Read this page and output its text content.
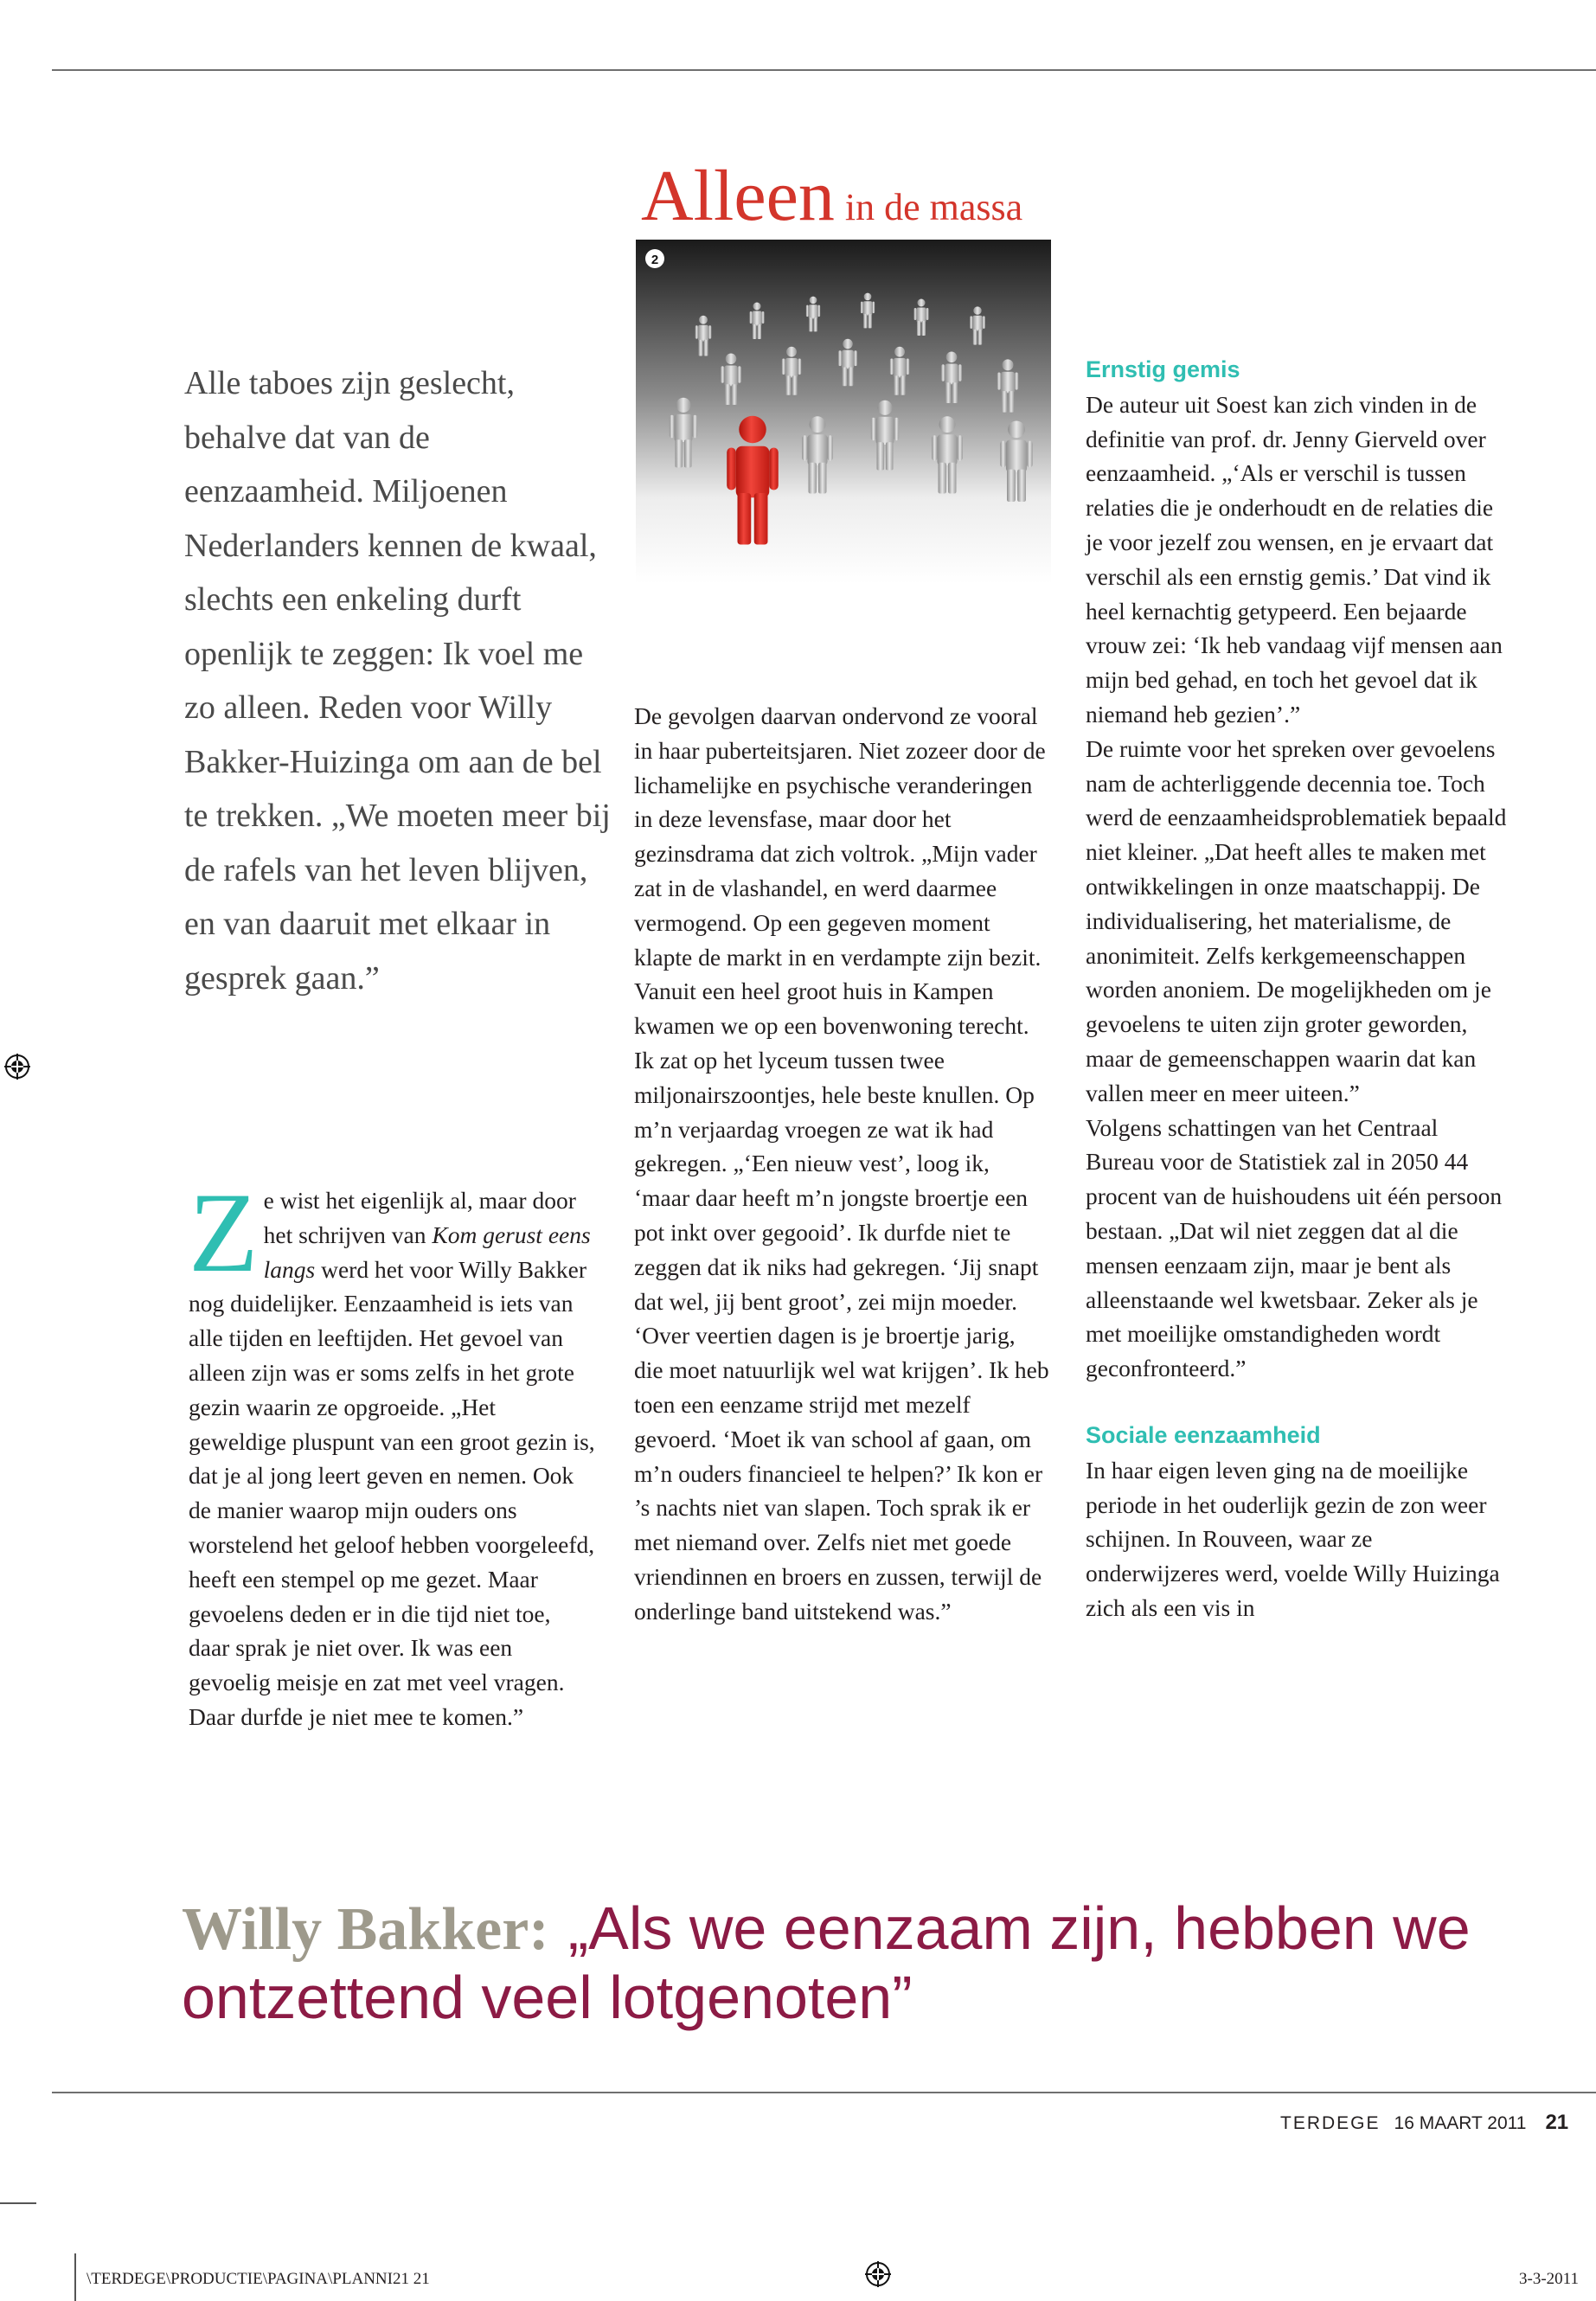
Alleen in de massa
2

Alle taboes zijn geslecht, behalve dat van de eenzaamheid. Miljoenen Nederlanders kennen de kwaal, slechts een enkeling durft openlijk te zeggen: Ik voel me zo alleen. Reden voor Willy Bakker-Huizinga om aan de bel te trekken. „We moeten meer bij de rafels van het leven blijven, en van daaruit met elkaar in gesprek gaan.”

Ze wist het eigenlijk al, maar door het schrijven van Kom gerust eens langs werd het voor Willy Bakker nog duidelijker. Eenzaamheid is iets van alle tijden en leeftijden. Het gevoel van alleen zijn was er soms zelfs in het grote gezin waarin ze opgroeide. „Het geweldige pluspunt van een groot gezin is, dat je al jong leert geven en nemen. Ook de manier waarop mijn ouders ons worstelend het geloof hebben voorgeleefd, heeft een stempel op me gezet. Maar gevoelens deden er in die tijd niet toe, daar sprak je niet over. Ik was een gevoelig meisje en zat met veel vragen. Daar durfde je niet mee te komen.”

De gevolgen daarvan ondervond ze vooral in haar puberteitsjaren. Niet zozeer door de lichamelijke en psychische veranderingen in deze levensfase, maar door het gezinsdrama dat zich voltrok. „Mijn vader zat in de vlashandel, en werd daarmee vermogend. Op een gegeven moment klapte de markt in en verdampte zijn bezit. Vanuit een heel groot huis in Kampen kwamen we op een bovenwoning terecht.

Ik zat op het lyceum tussen twee miljonairszoontjes, hele beste knullen. Op m’n verjaardag vroegen ze wat ik had gekregen. „‘Een nieuw vest’, loog ik, ‘maar daar heeft m’n jongste broertje een pot inkt over gegooid’. Ik durfde niet te zeggen dat ik niks had gekregen. ‘Jij snapt dat wel, jij bent groot’, zei mijn moeder. ‘Over veertien dagen is je broertje jarig, die moet natuurlijk wel wat krijgen’. Ik heb toen een eenzame strijd met mezelf gevoerd. ‘Moet ik van school af gaan, om m’n ouders financieel te helpen?’ Ik kon er ’s nachts niet van slapen. Toch sprak ik er met niemand over. Zelfs niet met goede vriendinnen en broers en zussen, terwijl de onderlinge band uitstekend was.”

Ernstig gemis

De auteur uit Soest kan zich vinden in de definitie van prof. dr. Jenny Gierveld over eenzaamheid. „‘Als er verschil is tussen relaties die je onderhoudt en de relaties die je voor jezelf zou wensen, en je ervaart dat verschil als een ernstig gemis.’ Dat vind ik heel kernachtig getypeerd. Een bejaarde vrouw zei: ‘Ik heb vandaag vijf mensen aan mijn bed gehad, en toch het gevoel dat ik niemand heb gezien’.”

De ruimte voor het spreken over gevoelens nam de achterliggende decennia toe. Toch werd de eenzaamheidsproblematiek bepaald niet kleiner. „Dat heeft alles te maken met ontwikkelingen in onze maatschappij. De individualisering, het materialisme, de anonimiteit. Zelfs kerkgemeenschappen worden anoniem. De mogelijkheden om je gevoelens te uiten zijn groter geworden, maar de gemeenschappen waarin dat kan vallen meer en meer uiteen.”

Volgens schattingen van het Centraal Bureau voor de Statistiek zal in 2050 44 procent van de huishoudens uit één persoon bestaan. „Dat wil niet zeggen dat al die mensen eenzaam zijn, maar je bent als alleenstaande wel kwetsbaar. Zeker als je met moeilijke omstandigheden wordt geconfronteerd.”

Sociale eenzaamheid

In haar eigen leven ging na de moeilijke periode in het ouderlijk gezin de zon weer schijnen. In Rouveen, waar ze onderwijzeres werd, voelde Willy Huizinga zich als een vis in

Willy Bakker: „Als we eenzaam zijn, hebben we ontzettend veel lotgenoten”
TERDEGE 16 MAART 2011 21
\TERDEGE\PRODUCTIE\PAGINA\PLANNI21 21	3-3-2011
